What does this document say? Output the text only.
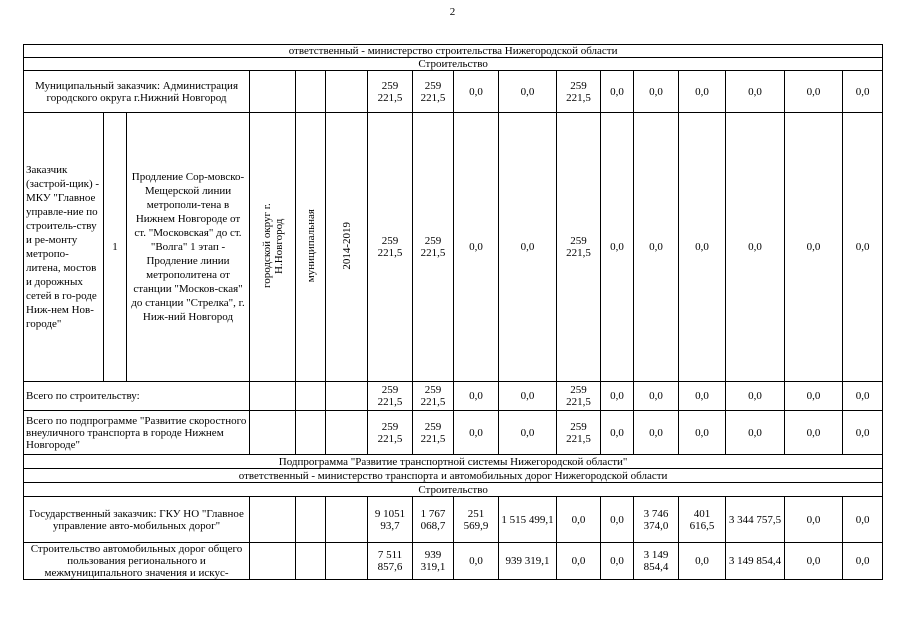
2
ответственный - министерство строительства Нижегородской области																
Строительство																
Муниципальный заказчик: Администрация городского округа г.Нижний Новгород						259 221,5	259 221,5	0,0	0,0	259 221,5	0,0	0,0	0,0	0,0	0,0	0,0
Заказчик (застрой-щик) - МКУ "Главное управле-ние по строитель-ству и ре-монту метропо-литена, мостов и дорожных сетей в го-роде Ниж-нем Нов-городе"	1	Продление Сор-мовско-Мещерской линии метрополи-тена в Нижнем Новгороде от ст. "Московская" до ст. "Волга" 1 этап - Продление линии метрополитена от станции "Москов-ская" до станции "Стрелка", г. Ниж-ний Новгород	городской округ г. Н.Новгород	муниципальная	2014-2019	259 221,5	259 221,5	0,0	0,0	259 221,5	0,0	0,0	0,0	0,0	0,0	0,0
Всего по строительству:						259 221,5	259 221,5	0,0	0,0	259 221,5	0,0	0,0	0,0	0,0	0,0	0,0
Всего по подпрограмме "Развитие скоростного внеуличного транспорта в городе Нижнем Новгороде"						259 221,5	259 221,5	0,0	0,0	259 221,5	0,0	0,0	0,0	0,0	0,0	0,0
Подпрограмма "Развитие транспортной системы Нижегородской области"																
ответственный - министерство транспорта и автомобильных дорог Нижегородской области																
Строительство																
Государственный заказчик: ГКУ НО "Главное управление авто-мобильных дорог"						9 1051 93,7	1 767 068,7	251 569,9	1 515 499,1	0,0	0,0	3 746 374,0	401 616,5	3 344 757,5	0,0	0,0
Строительство автомобильных дорог общего пользования регионального и межмуниципального значения и искус-						7 511 857,6	939 319,1	0,0	939 319,1	0,0	0,0	3 149 854,4	0,0	3 149 854,4	0,0	0,0
